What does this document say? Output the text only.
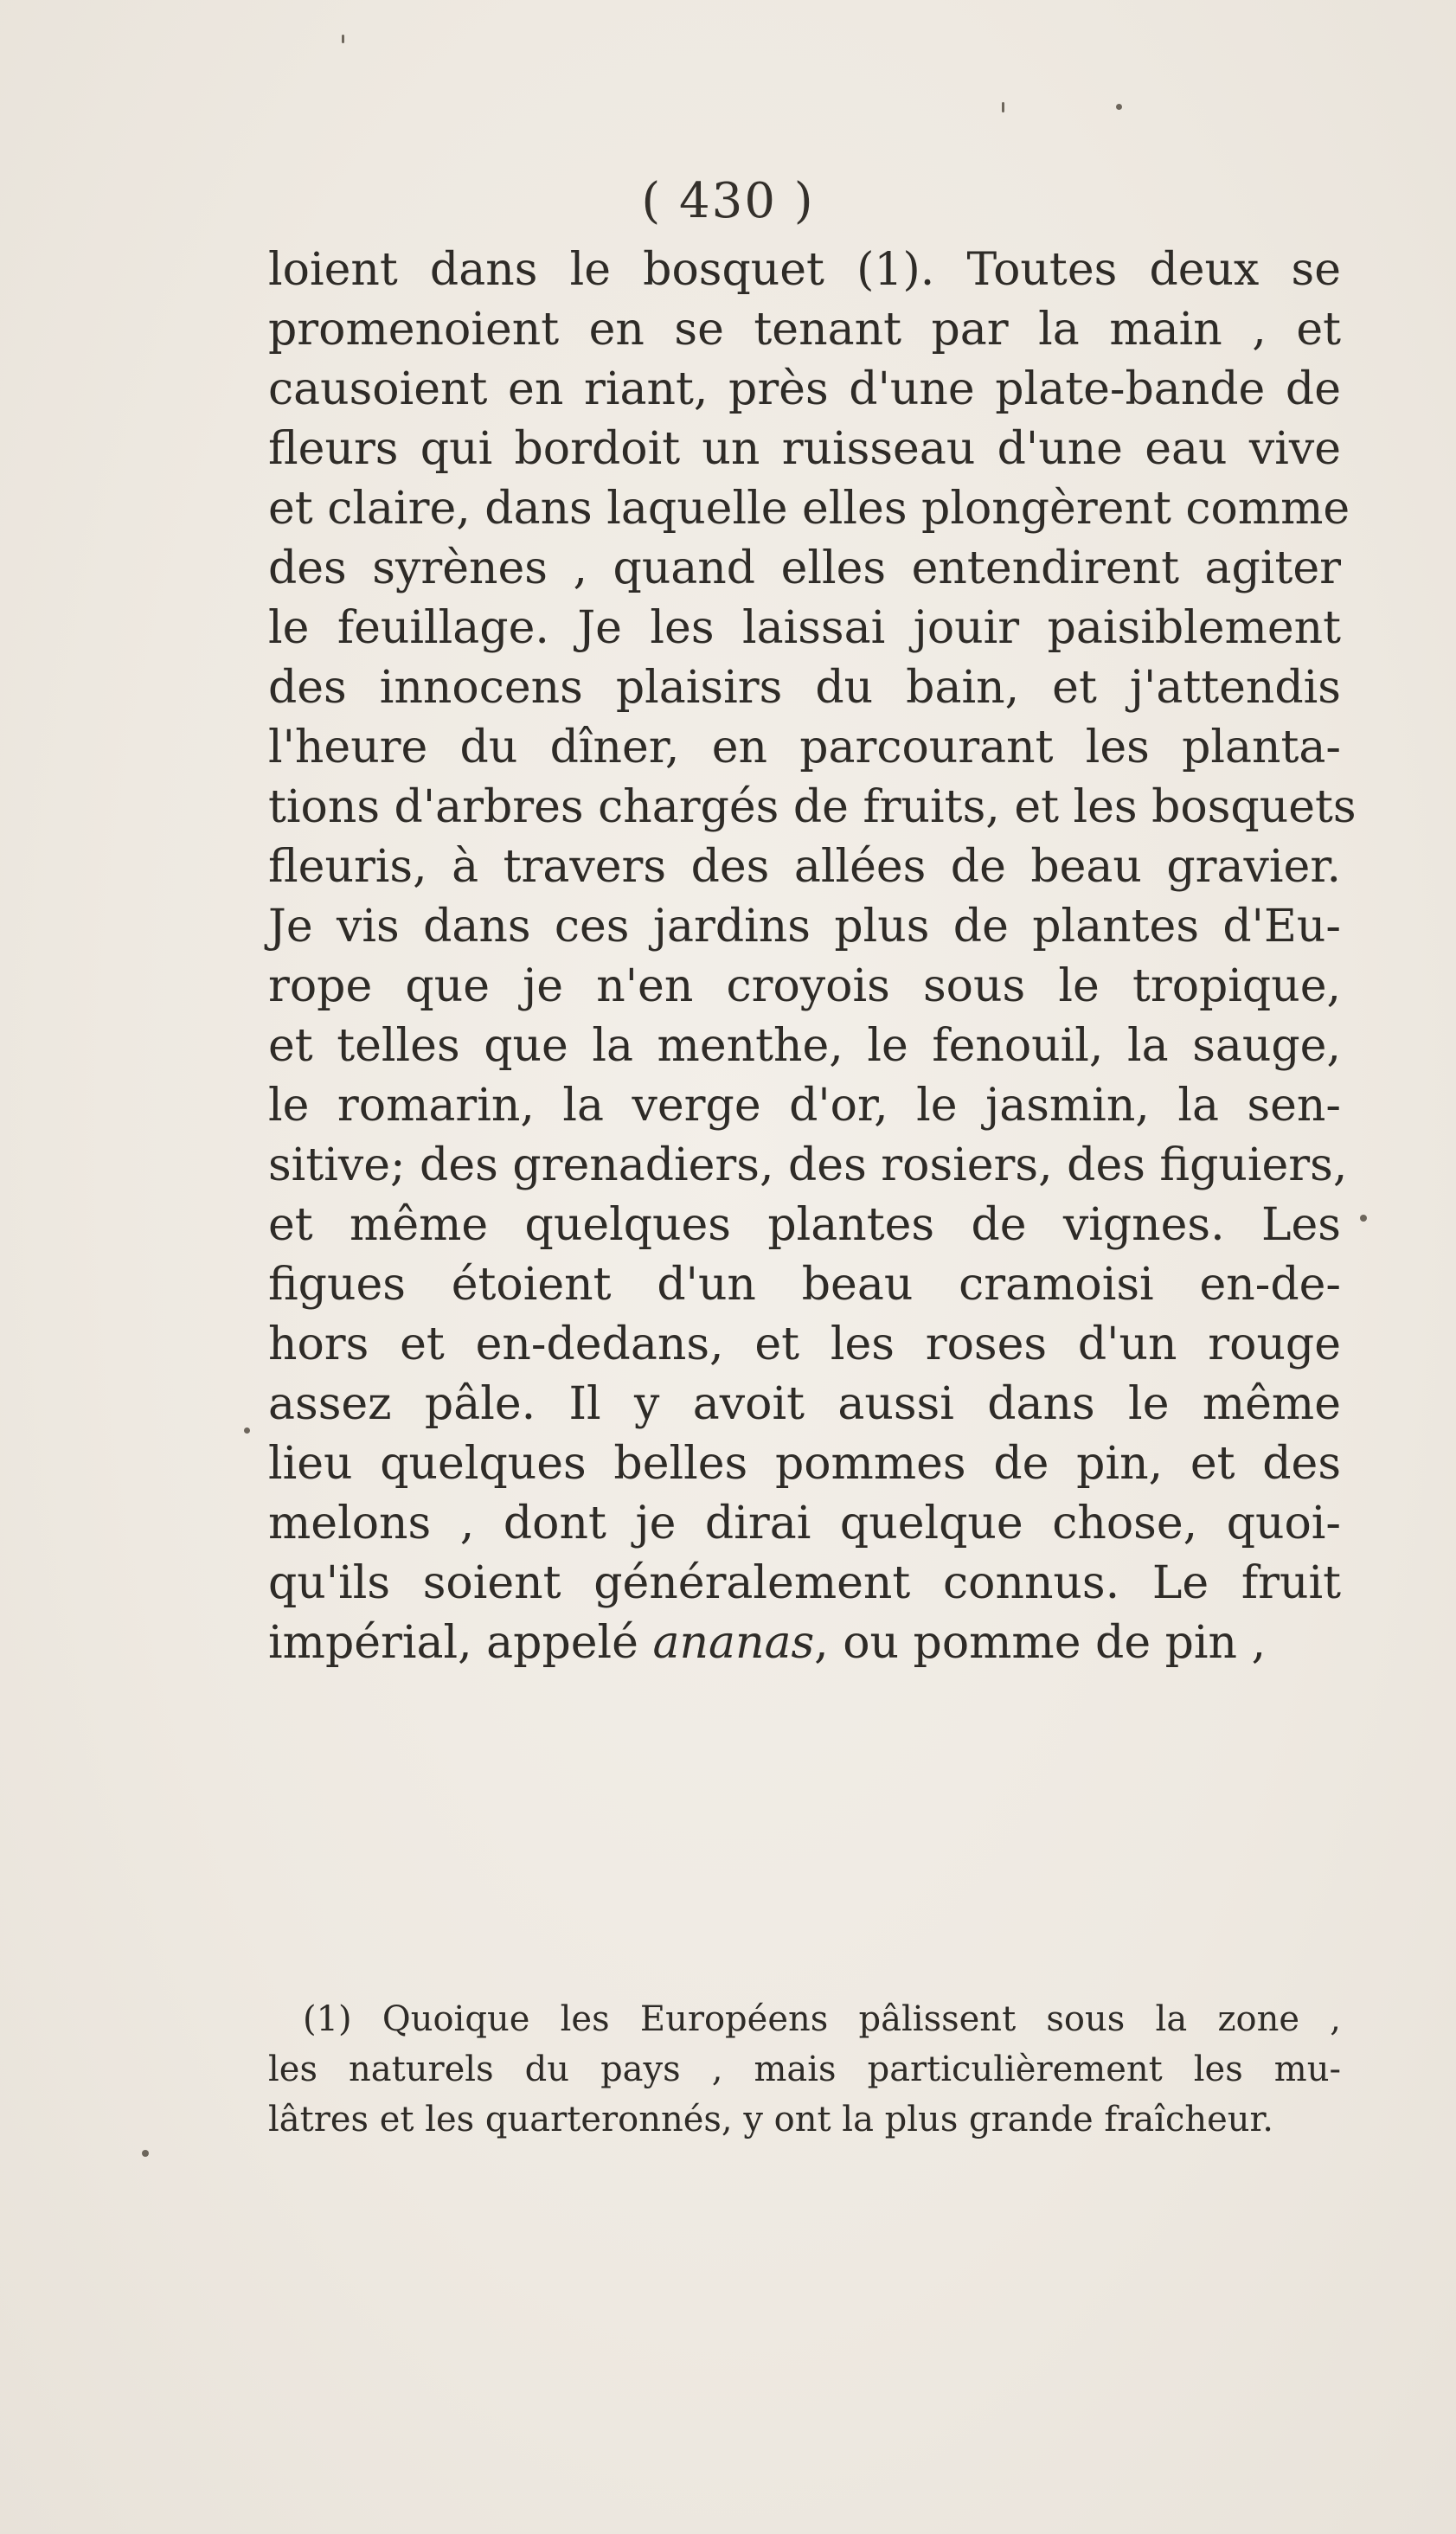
( 430 )
loient dans le bosquet (1). Toutes deux se
promenoient en se tenant par la main , et
causoient en riant, près d'une plate-bande de
fleurs qui bordoit un ruisseau d'une eau vive
et claire, dans laquelle elles plongèrent comme
des syrènes , quand elles entendirent agiter
le feuillage. Je les laissai jouir paisiblement
des innocens plaisirs du bain, et j'attendis
l'heure du dîner, en parcourant les planta-
tions d'arbres chargés de fruits, et les bosquets
fleuris, à travers des allées de beau gravier.
Je vis dans ces jardins plus de plantes d'Eu-
rope que je n'en croyois sous le tropique,
et telles que la menthe, le fenouil, la sauge,
le romarin, la verge d'or, le jasmin, la sen-
sitive; des grenadiers, des rosiers, des figuiers,
et même quelques plantes de vignes. Les
figues étoient d'un beau cramoisi en-de-
hors et en-dedans, et les roses d'un rouge
assez pâle. Il y avoit aussi dans le même
lieu quelques belles pommes de pin, et des
melons , dont je dirai quelque chose, quoi-
qu'ils soient généralement connus. Le fruit
impérial, appelé ananas, ou pomme de pin ,
(1) Quoique les Européens pâlissent sous la zone ,
les naturels du pays , mais particulièrement les mu-
lâtres et les quarteronnés, y ont la plus grande fraîcheur.
